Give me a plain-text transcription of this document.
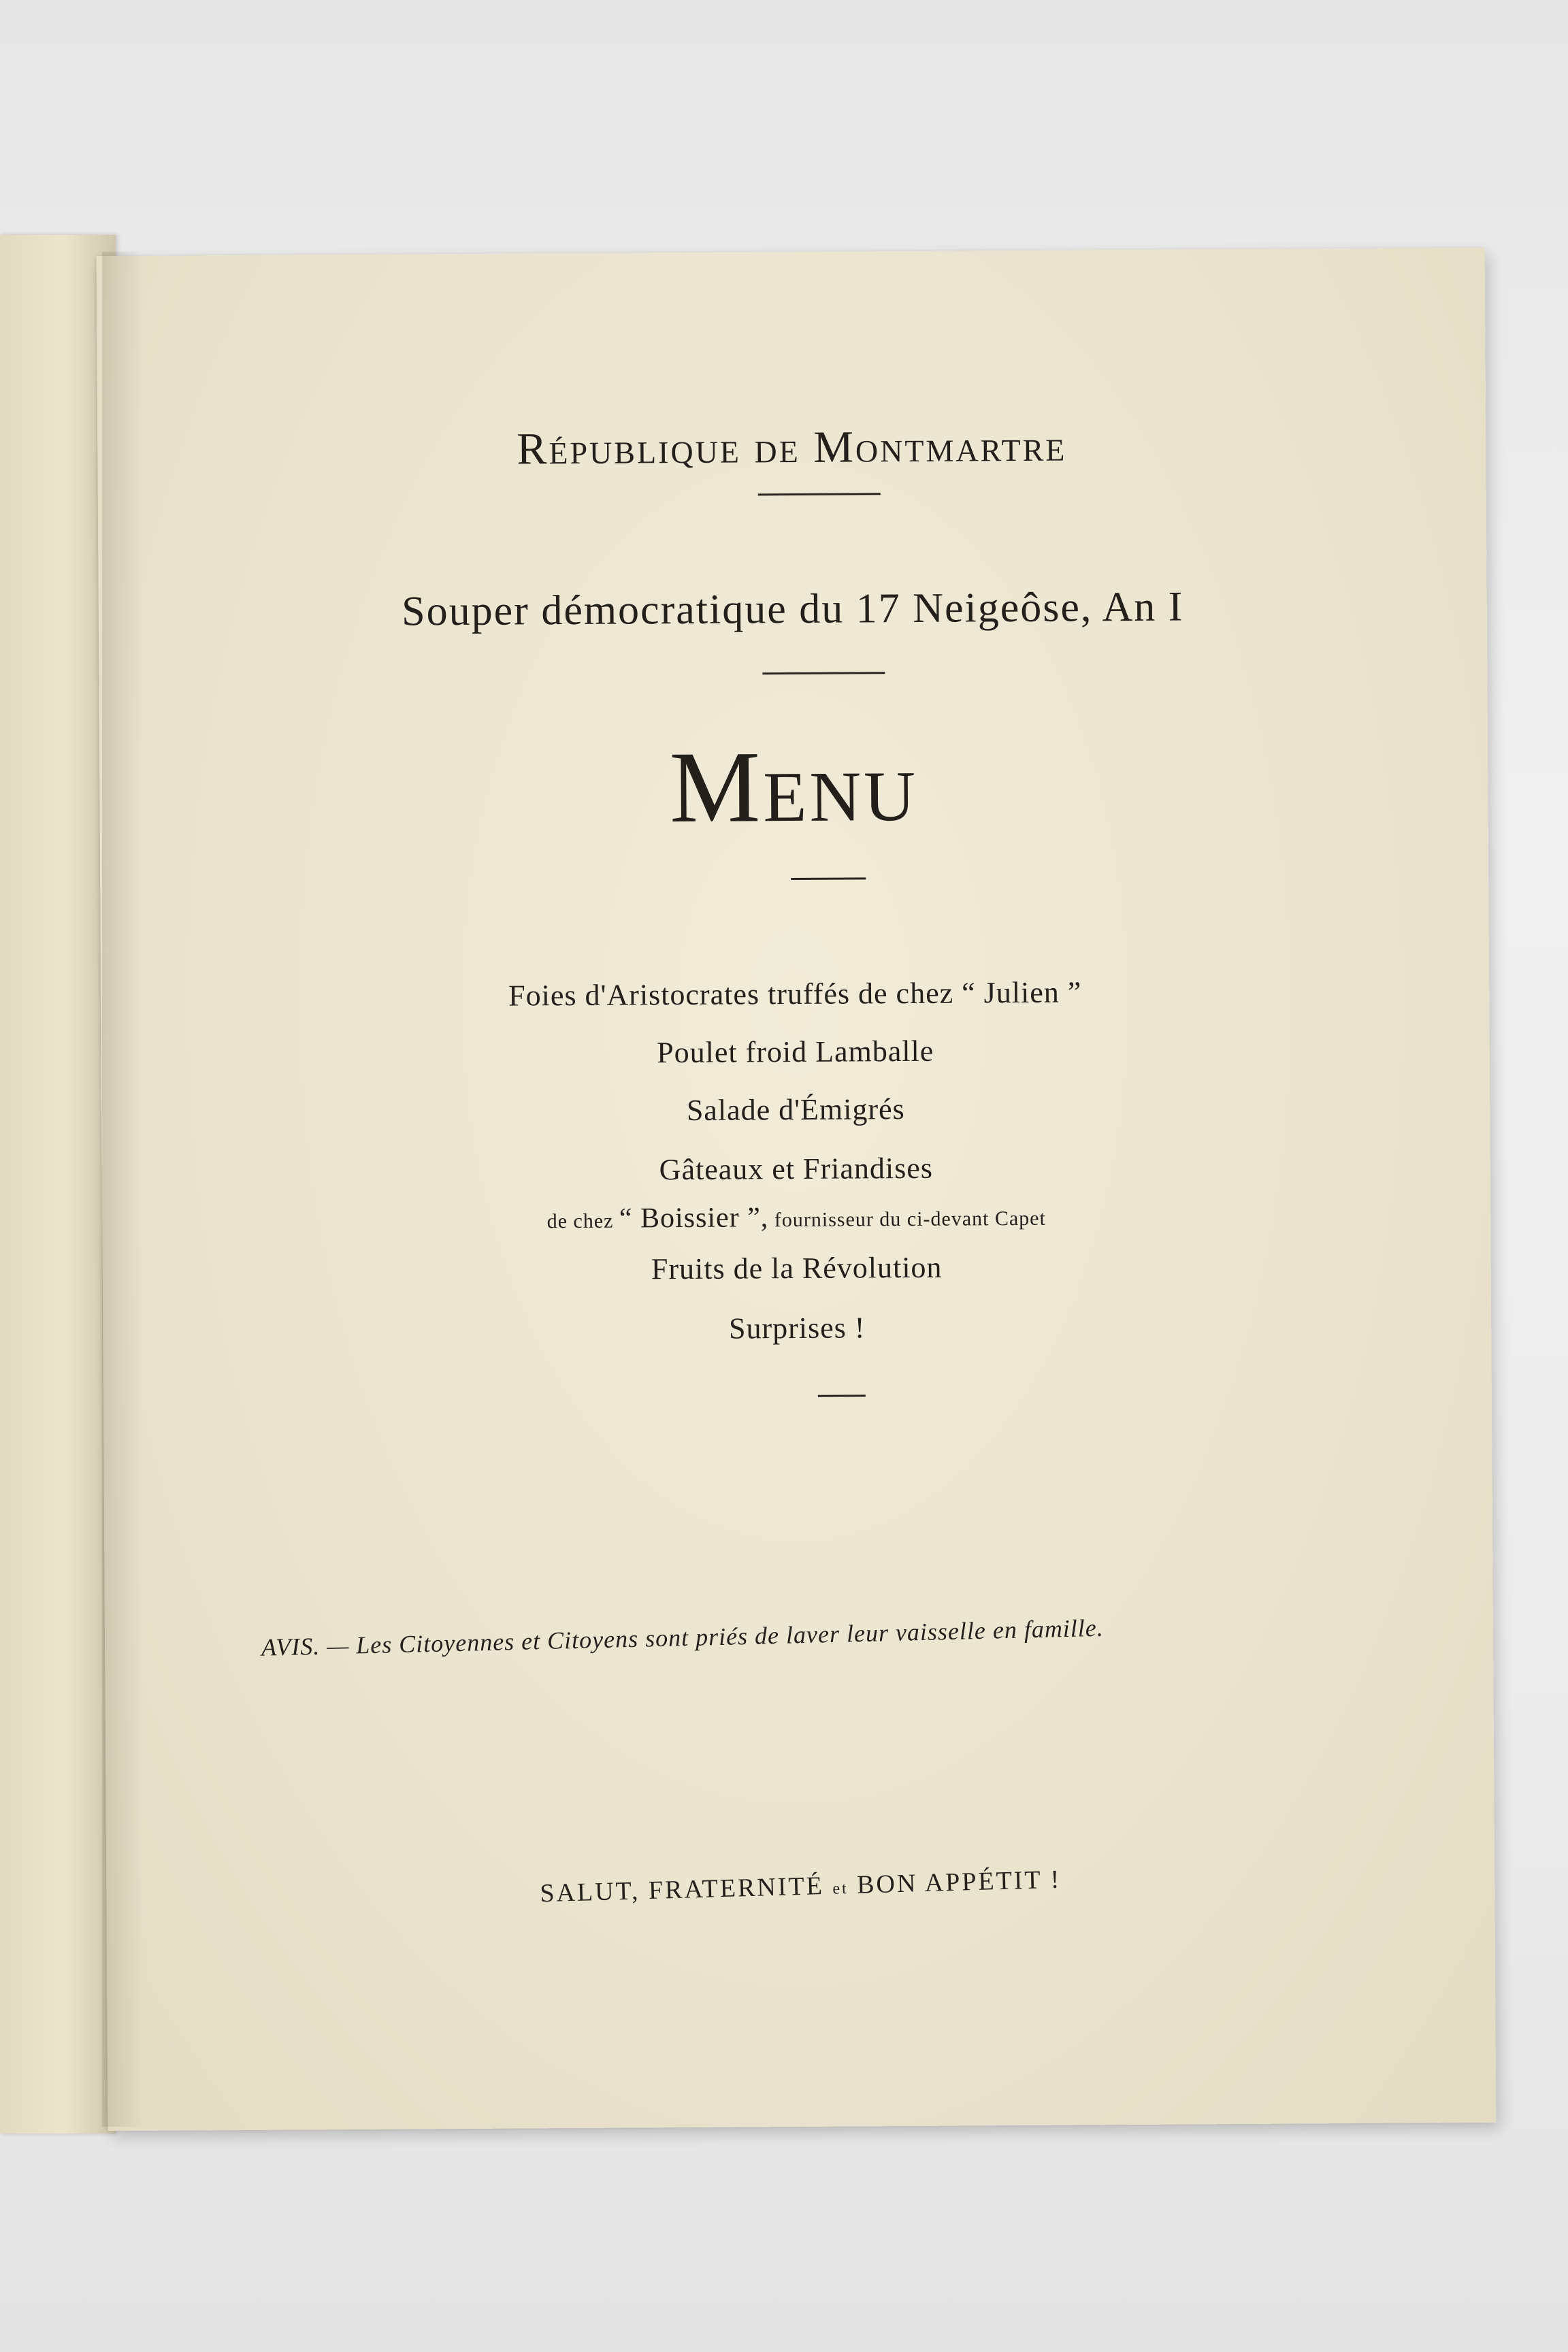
République de Montmartre
Souper démocratique du 17 Neigeôse, An I
Menu
Foies d'Aristocrates truffés de chez “ Julien ”
Poulet froid Lamballe
Salade d'Émigrés
Gâteaux et Friandises
de chez “ Boissier ”, fournisseur du ci-devant Capet
Fruits de la Révolution
Surprises !
AVIS. — Les Citoyennes et Citoyens sont priés de laver leur vaisselle en famille.
SALUT, FRATERNITÉ et BON APPÉTIT !
